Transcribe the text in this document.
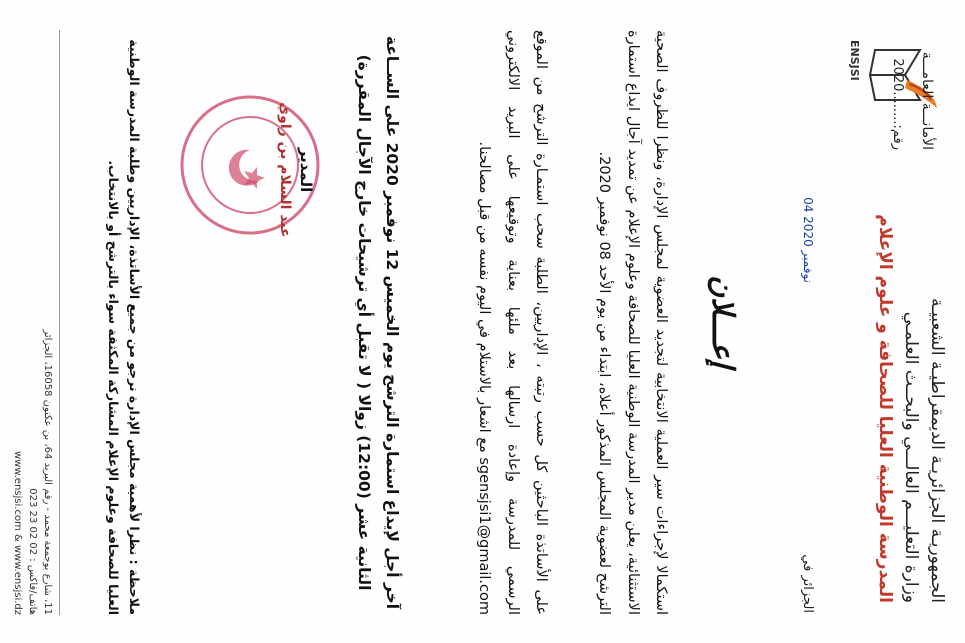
الجمهوريـة الجزائريـة الديمقراطيـة الشعبيـة
وزارة التعليـــم العالـــي والبحــث العلمـي
المدرسة الوطنية العليا للصحافة و علوم الإعلام
ENSJSI	الأمانـــة العامـــة
رقم:........2020
الجزائر في
04 نوفمبر 2020
إعـــلان
استكمالا لإجراءات سير العملية الانتخابية لتجديد العضوية لمجلس الإدارة، ونظرا للظروف الصحية الاستثنائية، يعلن مدير المدرسة الوطنية العليا للصحافة وعلوم الإعلام عن تمديد آجال ايداع استمارة الترشح لعضوية المجلس المذكور أعلاه، ابتداء من يوم الأحد 08 نوفمبر 2020.
على الأساتذة الباحثين كل حسب رتبته ، الإداريين، الطلبة سحب استمـارة الترشح من الموقع الرسمي للمدرسة وإعادة ارسالها بعد ملئها بعناية وتوقيعها على البريد الالكتروني sgensjsi1@gmail.com مع اشعار بالاستلام في اليوم نفسه من قبل مصالحنا.
آخر أجل لإيداع استمارة الترشح يوم الخميس 12 نوفمبر 2020 على الســاعة الثانية عشر (12:00) زوالا ( لا تقبل أي ترشيحات خارج الآجال المقررة)
المدير
عبد السلام بن زاوي
ملاحظة : نظرا لأهمية مجلس الإدارة نرجو من جميع الأساتذة، الإداريين وطلبة المدرسة الوطنية العليا للصحافة وعلوم الإعلام المشاركة المكثفة سواء بالترشح أو بالانتخاب.
11، شارع بوجمعة محمد - رقم البريد 64، بن عكنون 16058، الجزائر
هاتف/فاكس : 02 02 23 023
www.ensjsi.com & www.ensjsi.dz
